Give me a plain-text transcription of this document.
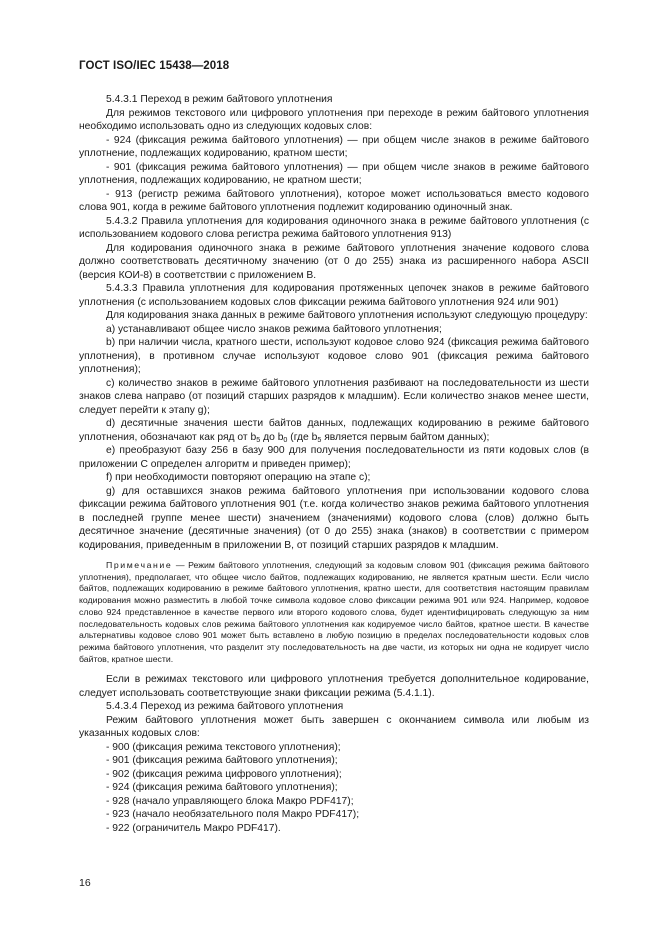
ГОСТ ISO/IEC 15438—2018

5.4.3.1 Переход в режим байтового уплотнения

Для режимов текстового или цифрового уплотнения при переходе в режим байтового уплотнения необходимо использовать одно из следующих кодовых слов:

- 924 (фиксация режима байтового уплотнения) — при общем числе знаков в режиме байтового уплотнение, подлежащих кодированию, кратном шести;

- 901 (фиксация режима байтового уплотнения) — при общем числе знаков в режиме байтового уплотнения, подлежащих кодированию, не кратном шести;

- 913 (регистр режима байтового уплотнения), которое может использоваться вместо кодового слова 901, когда в режиме байтового уплотнения подлежит кодированию одиночный знак.

5.4.3.2 Правила уплотнения для кодирования одиночного знака в режиме байтового уплотнения (с использованием кодового слова регистра режима байтового уплотнения 913)

Для кодирования одиночного знака в режиме байтового уплотнения значение кодового слова должно соответствовать десятичному значению (от 0 до 255) знака из расширенного набора ASCII (версия КОИ-8) в соответствии с приложением В.

5.4.3.3 Правила уплотнения для кодирования протяженных цепочек знаков в режиме байтового уплотнения (с использованием кодовых слов фиксации режима байтового уплотнения 924 или 901)

Для кодирования знака данных в режиме байтового уплотнения используют следующую процедуру:

a) устанавливают общее число знаков режима байтового уплотнения;

b) при наличии числа, кратного шести, используют кодовое слово 924 (фиксация режима байтового уплотнения), в противном случае используют кодовое слово 901 (фиксация режима байтового уплотнения);

c) количество знаков в режиме байтового уплотнения разбивают на последовательности из шести знаков слева направо (от позиций старших разрядов к младшим). Если количество знаков менее шести, следует перейти к этапу g);

d) десятичные значения шести байтов данных, подлежащих кодированию в режиме байтового уплотнения, обозначают как ряд от $b_5$ до $b_0$ (где $b_5$ является первым байтом данных);

e) преобразуют базу 256 в базу 900 для получения последовательности из пяти кодовых слов (в приложении С определен алгоритм и приведен пример);

f) при необходимости повторяют операцию на этапе с);

g) для оставшихся знаков режима байтового уплотнения при использовании кодового слова фиксации режима байтового уплотнения 901 (т.е. когда количество знаков режима байтового уплотнения в последней группе менее шести) значением (значениями) кодового слова (слов) должно быть десятичное значение (десятичные значения) (от 0 до 255) знака (знаков) в соответствии с примером кодирования, приведенным в приложении В, от позиций старших разрядов к младшим.

Примечание — Режим байтового уплотнения, следующий за кодовым словом 901 (фиксация режима байтового уплотнения), предполагает, что общее число байтов, подлежащих кодированию, не является кратным шести. Если число байтов, подлежащих кодированию в режиме байтового уплотнения, кратно шести, для соответствия настоящим правилам кодирования можно разместить в любой точке символа кодовое слово фиксации режима 901 или 924. Например, кодовое слово 924 представленное в качестве первого или второго кодового слова, будет идентифицировать следующую за ним последовательность кодовых слов режима байтового уплотнения как кодируемое число байтов, кратное шести. В качестве альтернативы кодовое слово 901 может быть вставлено в любую позицию в пределах последовательности кодовых слов режима байтового уплотнения, что разделит эту последовательность на две части, из которых ни одна не кодирует число байтов, кратное шести.

Если в режимах текстового или цифрового уплотнения требуется дополнительное кодирование, следует использовать соответствующие знаки фиксации режима (5.4.1.1).

5.4.3.4 Переход из режима байтового уплотнения

Режим байтового уплотнения может быть завершен с окончанием символа или любым из указанных кодовых слов:

- 900 (фиксация режима текстового уплотнения);

- 901 (фиксация режима байтового уплотнения);

- 902 (фиксация режима цифрового уплотнения);

- 924 (фиксация режима байтового уплотнения);

- 928 (начало управляющего блока Макро PDF417);

- 923 (начало необязательного поля Макро PDF417);

- 922 (ограничитель Макро PDF417).

16
